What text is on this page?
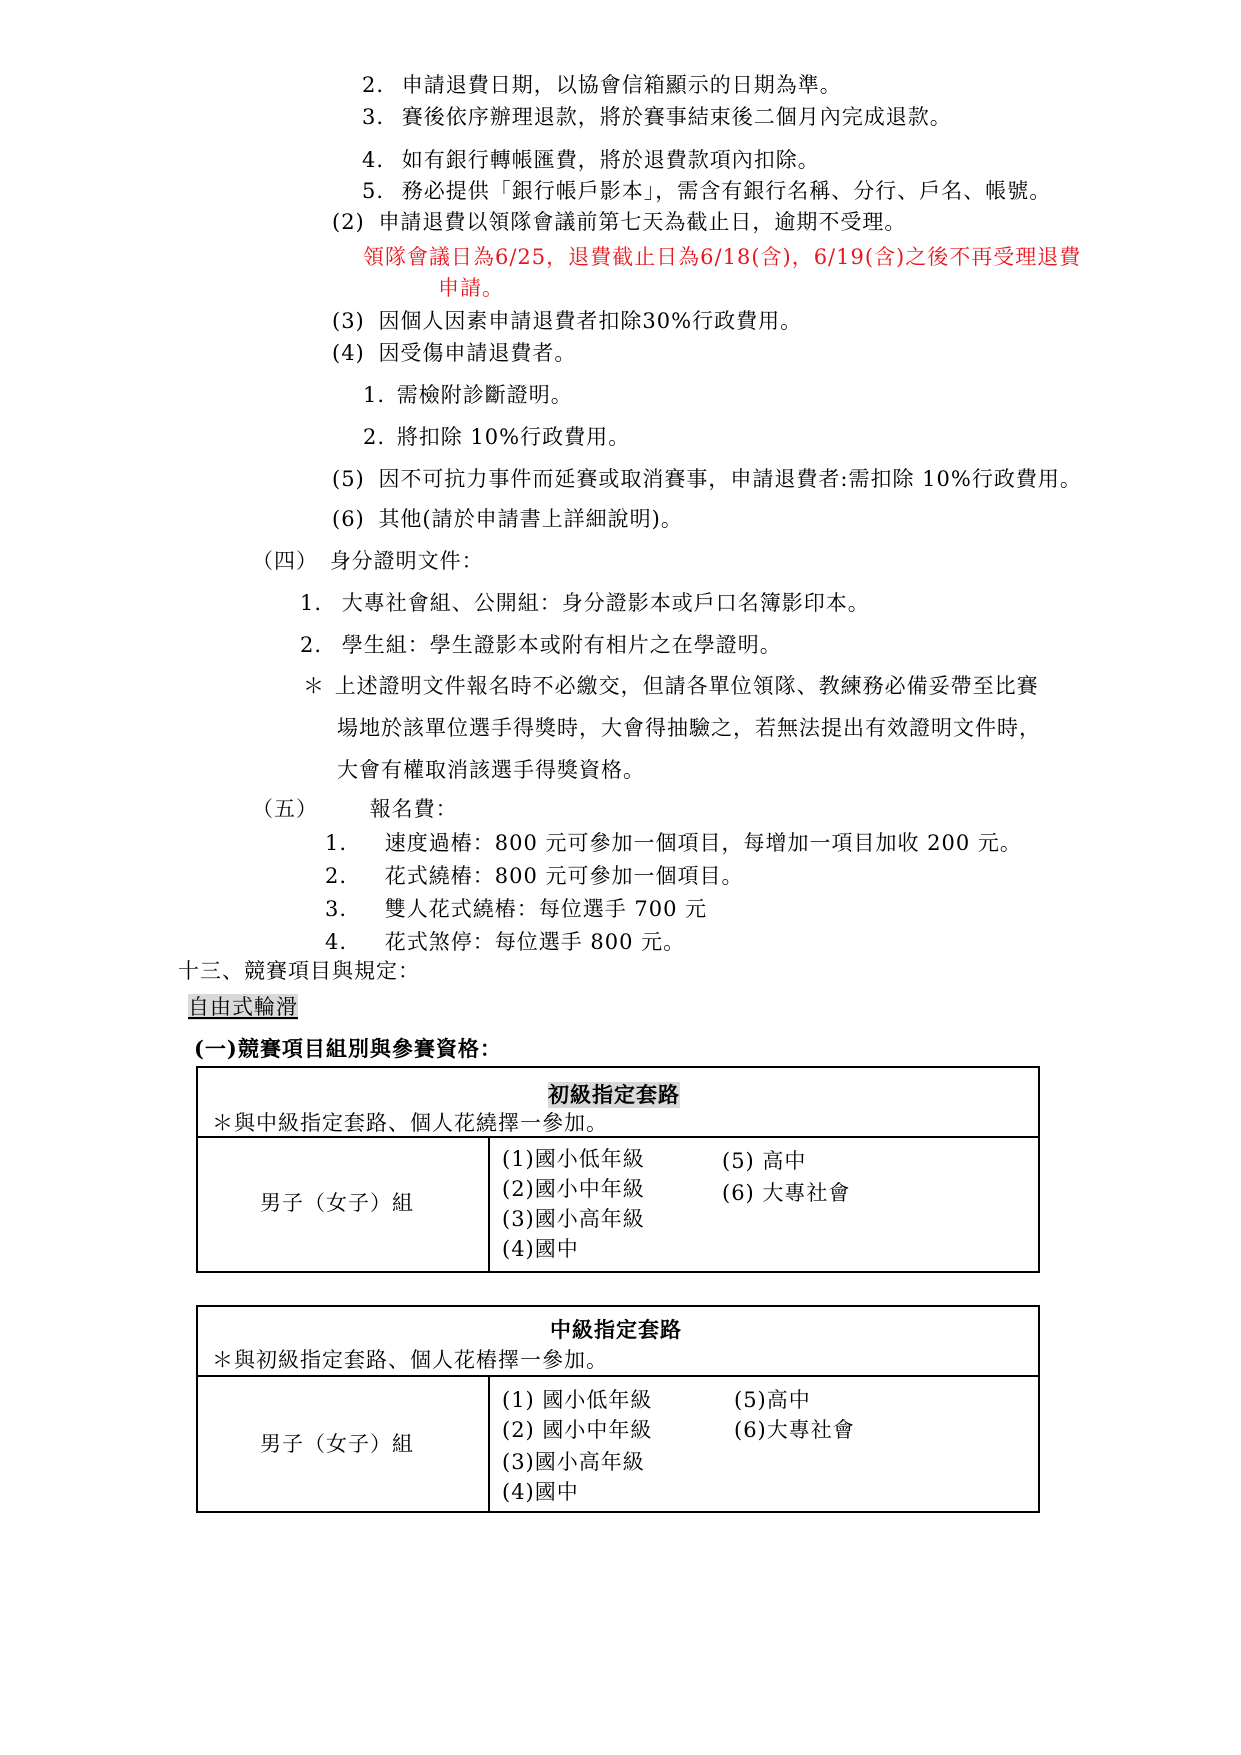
2. 申請退費日期，以協會信箱顯示的日期為準。
3. 賽後依序辦理退款，將於賽事結束後二個月內完成退款。
4. 如有銀行轉帳匯費，將於退費款項內扣除。
5. 務必提供「銀行帳戶影本」，需含有銀行名稱、分行、戶名、帳號。
(2) 申請退費以領隊會議前第七天為截止日，逾期不受理。
領隊會議日為6/25，退費截止日為6/18(含)，6/19(含)之後不再受理退費
申請。
(3) 因個人因素申請退費者扣除30%行政費用。
(4) 因受傷申請退費者。
1. 需檢附診斷證明。
2. 將扣除 10%行政費用。
(5) 因不可抗力事件而延賽或取消賽事，申請退費者:需扣除 10%行政費用。
(6) 其他(請於申請書上詳細說明)。
（四） 身分證明文件：
1. 大專社會組、公開組：身分證影本或戶口名簿影印本。
2. 學生組：學生證影本或附有相片之在學證明。
＊ 上述證明文件報名時不必繳交，但請各單位領隊、教練務必備妥帶至比賽
場地於該單位選手得獎時，大會得抽驗之，若無法提出有效證明文件時，
大會有權取消該選手得獎資格。
（五） 報名費：
1. 速度過樁：800 元可參加一個項目，每增加一項目加收 200 元。
2. 花式繞樁：800 元可參加一個項目。
3. 雙人花式繞樁：每位選手 700 元
4. 花式煞停：每位選手 800 元。
十三、競賽項目與規定：
自由式輪滑
(一)競賽項目組別與參賽資格：
初級指定套路
＊與中級指定套路、個人花繞擇一參加。
男子（女子）組
(1)國小低年級
(2)國小中年級
(3)國小高年級
(4)國中
(5) 高中
(6) 大專社會
中級指定套路
＊與初級指定套路、個人花樁擇一參加。
男子（女子）組
(1) 國小低年級
(2) 國小中年級
(3)國小高年級
(4)國中
(5)高中
(6)大專社會
